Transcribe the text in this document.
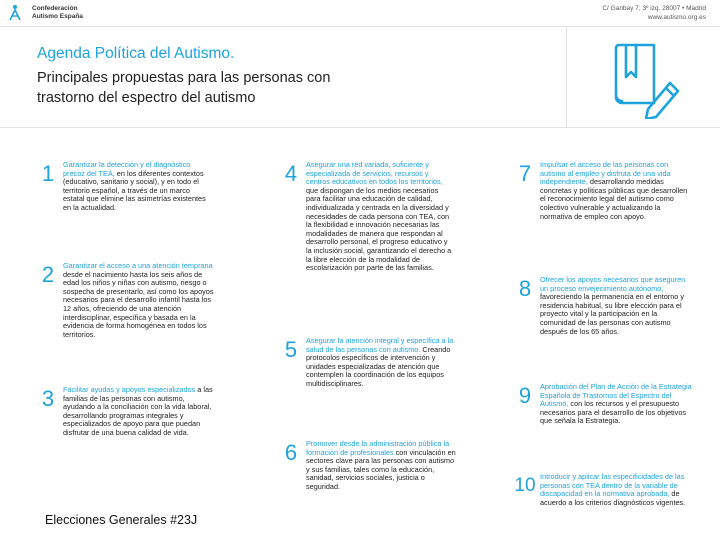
Confederación
Autismo España
C/ Garibay 7, 3º izq. 28007 • Madrid
www.autismo.org.es
Agenda Política del Autismo.
Principales propuestas para las personas con trastorno del espectro del autismo
1	Garantizar la detección y el diagnóstico precoz del TEA, en los diferentes contextos (educativo, sanitario y social), y en todo el territorio español, a través de un marco estatal que elimine las asimetrías existentes en la actualidad.
2	Garantizar el acceso a una atención temprana desde el nacimiento hasta los seis años de edad los niños y niñas con autismo, riesgo o sospecha de presentarlo, así como los apoyos necesarios para el desarrollo infantil hasta los 12 años, ofreciendo de una atención interdisciplinar, específica y basada en la evidencia de forma homogénea en todos los territorios.
3	Facilitar ayudas y apoyos especializados a las familias de las personas con autismo, ayudando a la conciliación con la vida laboral, desarrollando programas integrales y especializados de apoyo para que puedan disfrutar de una buena calidad de vida.
4	Asegurar una red variada, suficiente y especializada de servicios, recursos y centros educativos en todos los territorios, que dispongan de los medios necesarios para facilitar una educación de calidad, individualizada y centrada en la diversidad y necesidades de cada persona con TEA, con la flexibilidad e innovación necesarias las modalidades de manera que respondan al desarrollo personal, el progreso educativo y la inclusión social, garantizando el derecho a la libre elección de la modalidad de escolarización por parte de las familias.
5	Asegurar la atención integral y específica a la salud de las personas con autismo. Creando protocolos específicos de intervención y unidades especializadas de atención que contemplen la coordinación de los equipos multidisciplinares.
6	Promover desde la administración pública la formación de profesionales con vinculación en sectores clave para las personas con autismo y sus familias, tales como la educación, sanidad, servicios sociales, justicia o seguridad.
7	Impulsar el acceso de las personas con autismo al empleo y disfruta de una vida independiente, desarrollando medidas concretas y políticas públicas que desarrollen el reconocimiento legal del autismo como colectivo vulnerable y actualizando la normativa de empleo con apoyo.
8	Ofrecer los apoyos necesarios que aseguren un proceso envejecimiento autónomo, favoreciendo la permanencia en el entorno y residencia habitual, su libre elección para el proyecto vital y la participación en la comunidad de las personas con autismo después de los 65 años.
9	Aprobación del Plan de Acción de la Estrategia Española de Trastornos del Espectro del Autismo, con los recursos y el presupuesto necesarios para el desarrollo de los objetivos que señala la Estrategia.
10 Introducir y aplicar las especificidades de las personas con TEA dentro de la variable de discapacidad en la normativa aprobada, de acuerdo a los criterios diagnósticos vigentes.
Elecciones Generales #23J
